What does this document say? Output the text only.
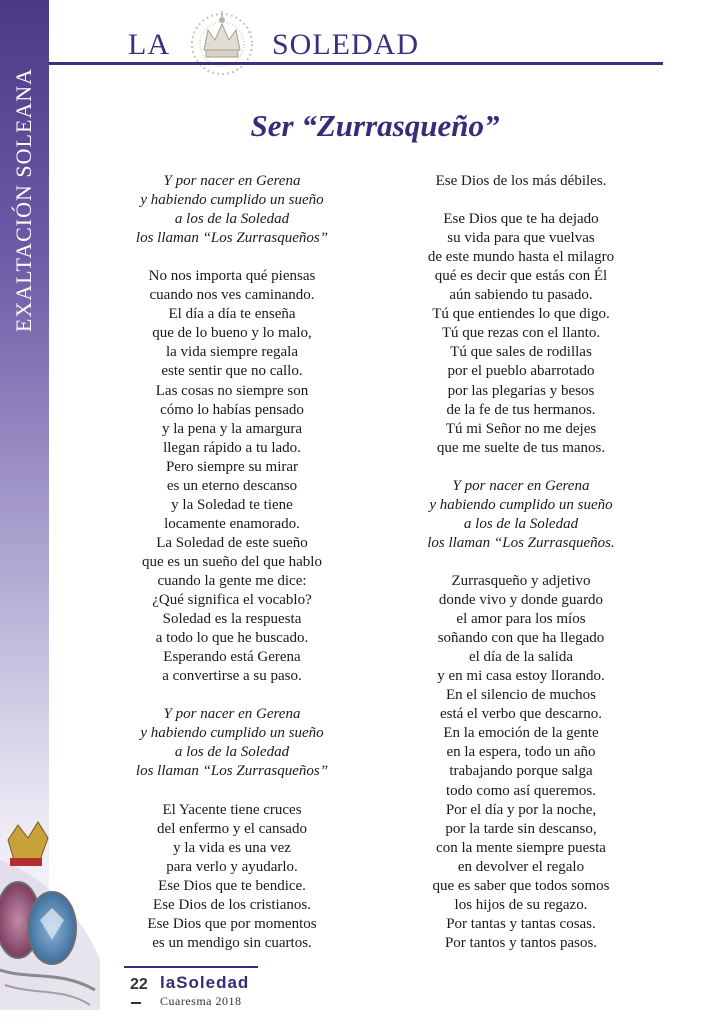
EXALTACIÓN SOLEANA
LA	SOLEDAD
Ser “Zurrasqueño”
Y por nacer en Gerena
y habiendo cumplido un sueño
a los de la Soledad
los llaman “Los Zurrasqueños”
No nos importa qué piensas
cuando nos ves caminando.
El día a día te enseña
que de lo bueno y lo malo,
la vida siempre regala
este sentir que no callo.
Las cosas no siempre son
cómo lo habías pensado
y la pena y la amargura
llegan rápido a tu lado.
Pero siempre su mirar
es un eterno descanso
y la Soledad te tiene
locamente enamorado.
La Soledad de este sueño
que es un sueño del que hablo
cuando la gente me dice:
¿Qué significa el vocablo?
Soledad es la respuesta
a todo lo que he buscado.
Esperando está Gerena
a convertirse a su paso.
Y por nacer en Gerena
y habiendo cumplido un sueño
a los de la Soledad
los llaman “Los Zurrasqueños”
El Yacente tiene cruces
del enfermo y el cansado
y la vida es una vez
para verlo y ayudarlo.
Ese Dios que te bendice.
Ese Dios de los cristianos.
Ese Dios que por momentos
es un mendigo sin cuartos.
Ese Dios de los más débiles.
Ese Dios que te ha dejado
su vida para que vuelvas
de este mundo hasta el milagro
qué es decir que estás con Él
aún sabiendo tu pasado.
Tú que entiendes lo que digo.
Tú que rezas con el llanto.
Tú que sales de rodillas
por el pueblo abarrotado
por las plegarias y besos
de la fe de tus hermanos.
Tú mi Señor no me dejes
que me suelte de tus manos.
Y por nacer en Gerena
y habiendo cumplido un sueño
a los de la Soledad
los llaman “Los Zurrasqueños.
Zurrasqueño y adjetivo
donde vivo y donde guardo
el amor para los míos
soñando con que ha llegado
el día de la salida
y en mi casa estoy llorando.
En el silencio de muchos
está el verbo que descarno.
En la emoción de la gente
en la espera, todo un año
trabajando porque salga
todo como así queremos.
Por el día y por la noche,
por la tarde sin descanso,
con la mente siempre puesta
en devolver el regalo
que es saber que todos somos
los hijos de su regazo.
Por tantas y tantas cosas.
Por tantos y tantos pasos.
22 laSoledad
Cuaresma 2018
